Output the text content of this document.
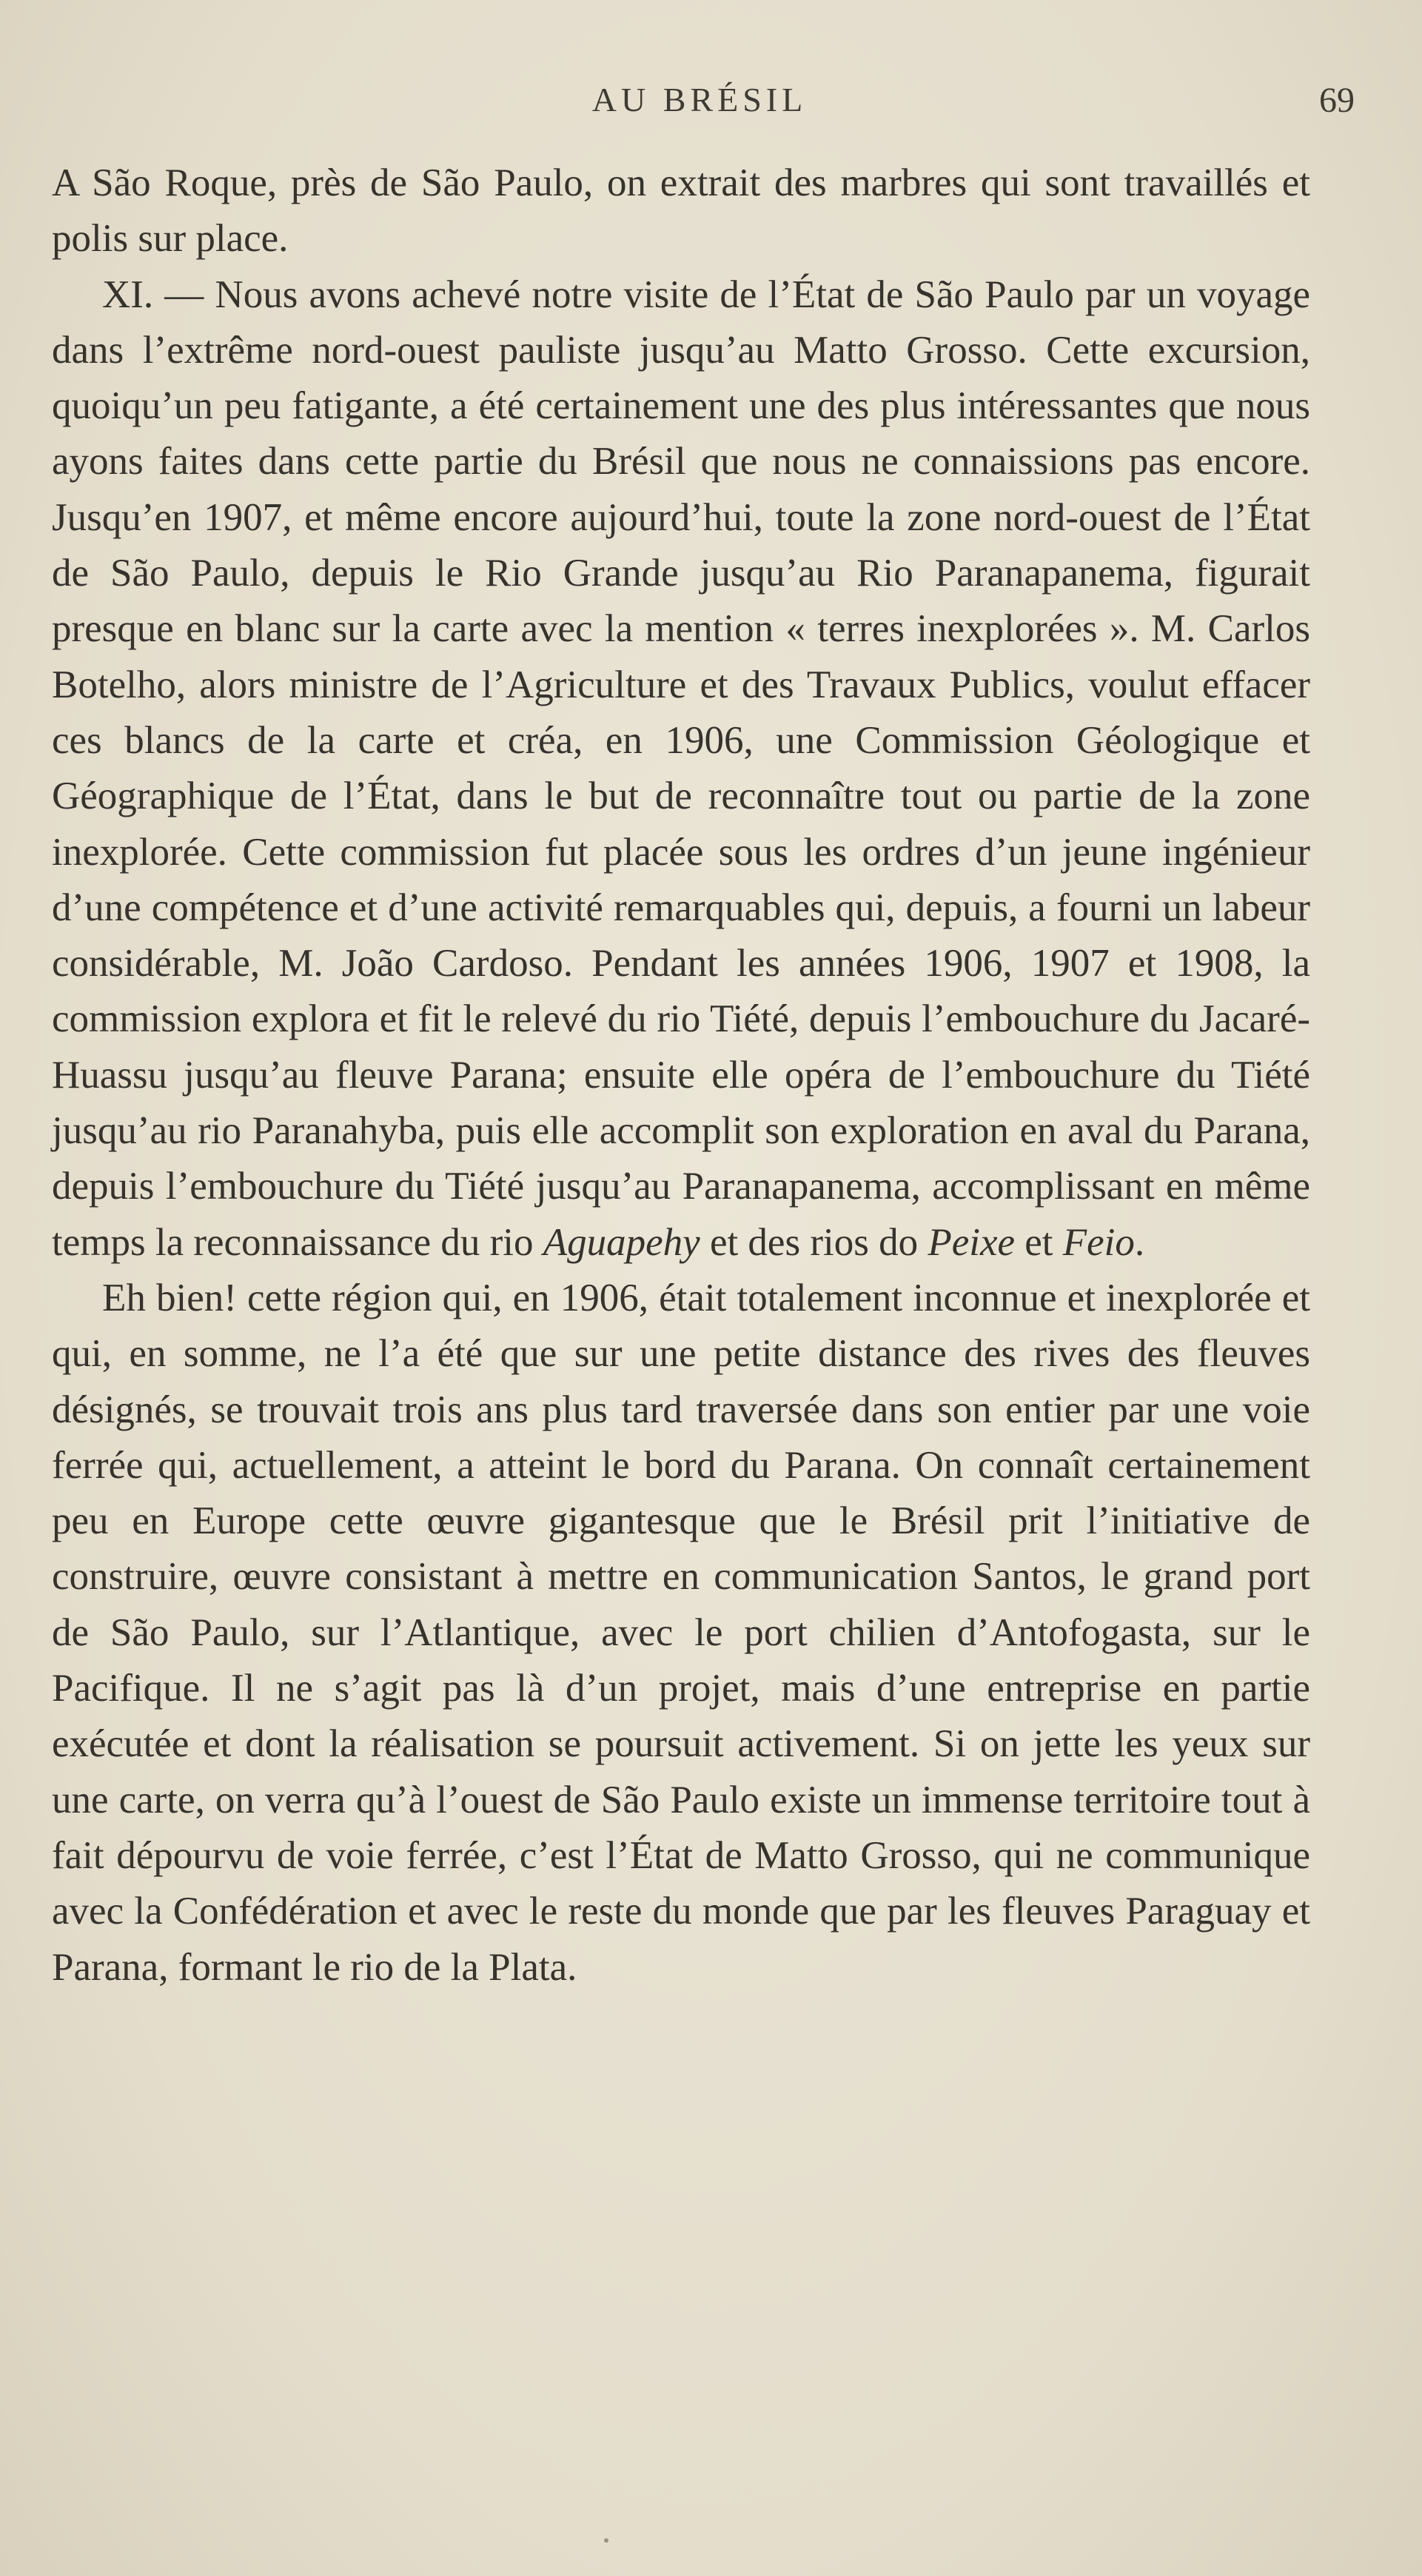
AU BRÉSIL	69

A São Roque, près de São Paulo, on extrait des marbres qui sont travaillés et polis sur place.

XI. — Nous avons achevé notre visite de l’État de São Paulo par un voyage dans l’extrême nord-ouest pauliste jusqu’au Matto Grosso. Cette excursion, quoiqu’un peu fatigante, a été certainement une des plus intéressantes que nous ayons faites dans cette partie du Brésil que nous ne connaissions pas encore. Jusqu’en 1907, et même encore aujourd’hui, toute la zone nord-ouest de l’État de São Paulo, depuis le Rio Grande jusqu’au Rio Paranapanema, figurait presque en blanc sur la carte avec la mention « terres inexplorées ». M. Carlos Botelho, alors ministre de l’Agriculture et des Travaux Publics, voulut effacer ces blancs de la carte et créa, en 1906, une Commission Géologique et Géographique de l’État, dans le but de reconnaître tout ou partie de la zone inexplorée. Cette commission fut placée sous les ordres d’un jeune ingénieur d’une compétence et d’une activité remarquables qui, depuis, a fourni un labeur considérable, M. João Cardoso. Pendant les années 1906, 1907 et 1908, la commission explora et fit le relevé du rio Tiété, depuis l’embouchure du Jacaré-Huassu jusqu’au fleuve Parana; ensuite elle opéra de l’embouchure du Tiété jusqu’au rio Paranahyba, puis elle accomplit son exploration en aval du Parana, depuis l’embouchure du Tiété jusqu’au Paranapanema, accomplissant en même temps la reconnaissance du rio Aguapehy et des rios do Peixe et Feio.

Eh bien! cette région qui, en 1906, était totalement inconnue et inexplorée et qui, en somme, ne l’a été que sur une petite distance des rives des fleuves désignés, se trouvait trois ans plus tard traversée dans son entier par une voie ferrée qui, actuellement, a atteint le bord du Parana. On connaît certainement peu en Europe cette œuvre gigantesque que le Brésil prit l’initiative de construire, œuvre consistant à mettre en communication Santos, le grand port de São Paulo, sur l’Atlantique, avec le port chilien d’Antofogasta, sur le Pacifique. Il ne s’agit pas là d’un projet, mais d’une entreprise en partie exécutée et dont la réalisation se poursuit activement. Si on jette les yeux sur une carte, on verra qu’à l’ouest de São Paulo existe un immense territoire tout à fait dépourvu de voie ferrée, c’est l’État de Matto Grosso, qui ne communique avec la Confédération et avec le reste du monde que par les fleuves Paraguay et Parana, formant le rio de la Plata.
